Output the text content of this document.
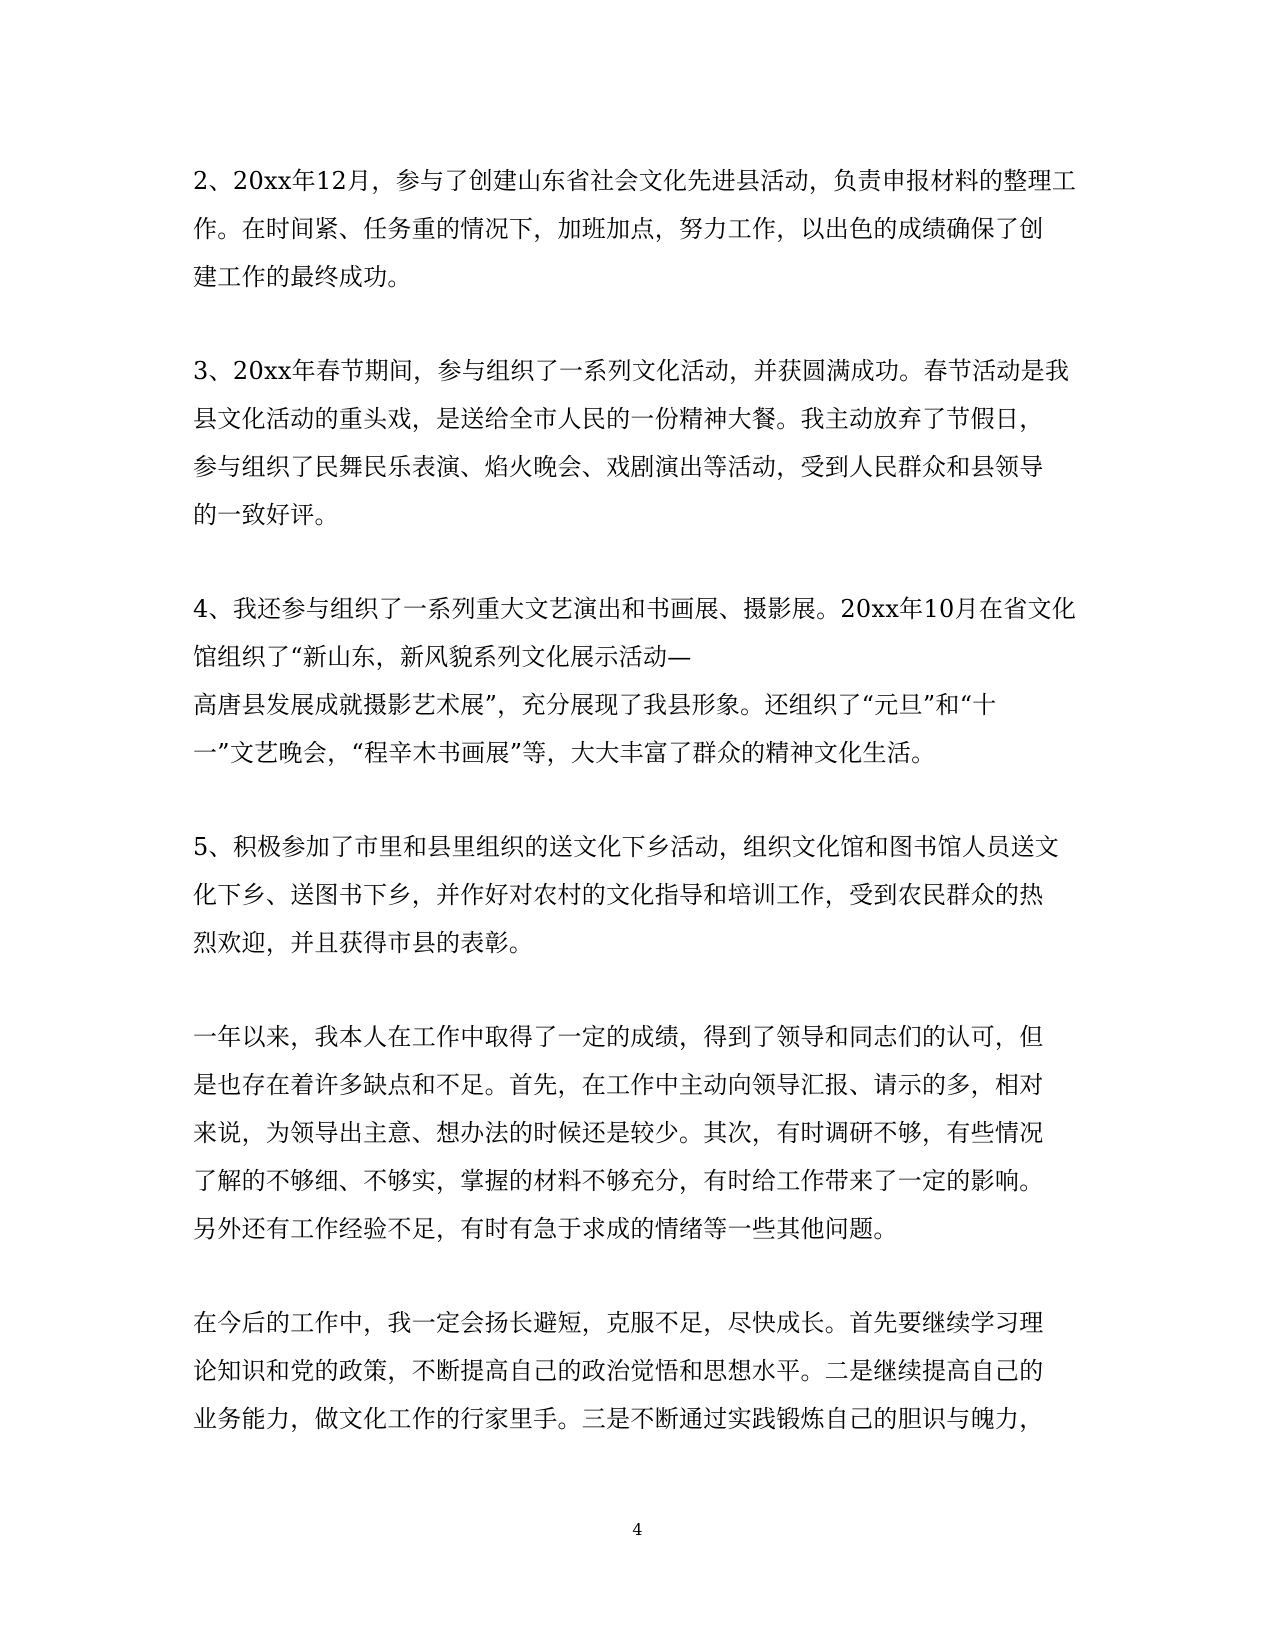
2、20xx年12月，参与了创建山东省社会文化先进县活动，负责申报材料的整理工
作。在时间紧、任务重的情况下，加班加点，努力工作，以出色的成绩确保了创
建工作的最终成功。

3、20xx年春节期间，参与组织了一系列文化活动，并获圆满成功。春节活动是我
县文化活动的重头戏，是送给全市人民的一份精神大餐。我主动放弃了节假日，
参与组织了民舞民乐表演、焰火晚会、戏剧演出等活动，受到人民群众和县领导
的一致好评。

4、我还参与组织了一系列重大文艺演出和书画展、摄影展。20xx年10月在省文化
馆组织了“新山东，新风貌系列文化展示活动—
高唐县发展成就摄影艺术展”，充分展现了我县形象。还组织了“元旦”和“十
一”文艺晚会，“程辛木书画展”等，大大丰富了群众的精神文化生活。

5、积极参加了市里和县里组织的送文化下乡活动，组织文化馆和图书馆人员送文
化下乡、送图书下乡，并作好对农村的文化指导和培训工作，受到农民群众的热
烈欢迎，并且获得市县的表彰。

一年以来，我本人在工作中取得了一定的成绩，得到了领导和同志们的认可，但
是也存在着许多缺点和不足。首先，在工作中主动向领导汇报、请示的多，相对
来说，为领导出主意、想办法的时候还是较少。其次，有时调研不够，有些情况
了解的不够细、不够实，掌握的材料不够充分，有时给工作带来了一定的影响。
另外还有工作经验不足，有时有急于求成的情绪等一些其他问题。

在今后的工作中，我一定会扬长避短，克服不足，尽快成长。首先要继续学习理
论知识和党的政策，不断提高自己的政治觉悟和思想水平。二是继续提高自己的
业务能力，做文化工作的行家里手。三是不断通过实践锻炼自己的胆识与魄力，

4
